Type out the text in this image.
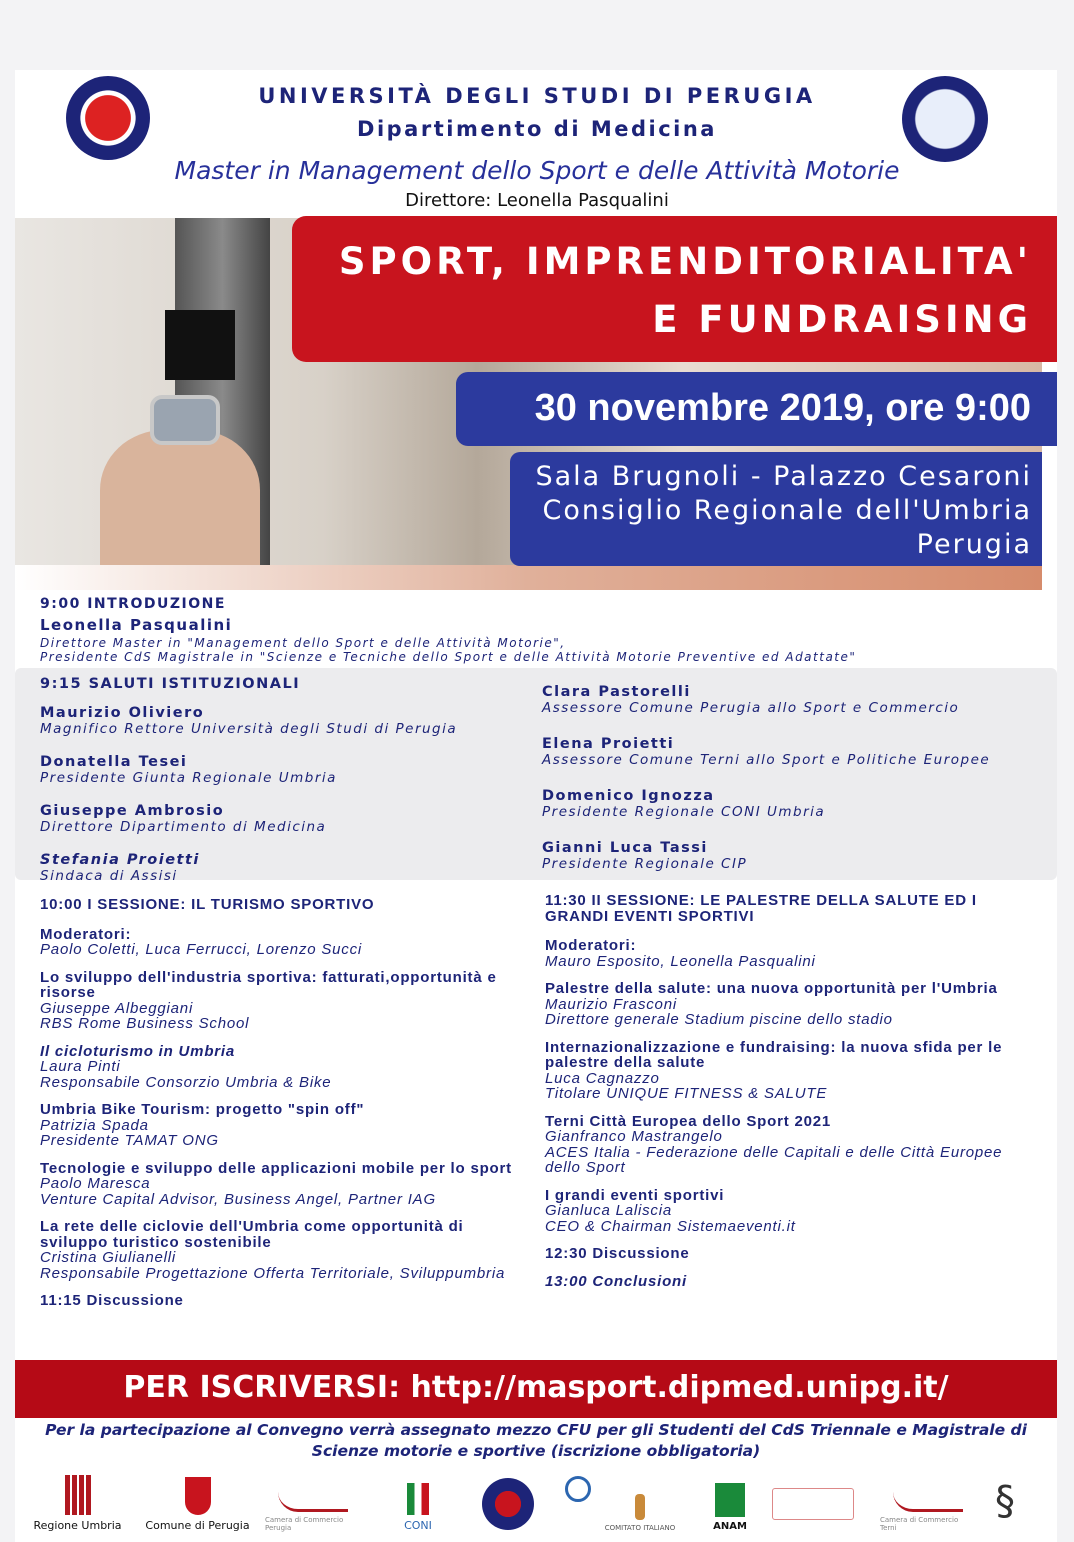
UNIVERSITÀ DEGLI STUDI DI PERUGIA
Dipartimento di Medicina
Master in Management dello Sport e delle Attività Motorie
Direttore: Leonella Pasqualini
SPORT, IMPRENDITORIALITA'
E FUNDRAISING
30 novembre 2019, ore 9:00
Sala Brugnoli - Palazzo Cesaroni
Consiglio Regionale dell'Umbria
Perugia
9:00 INTRODUZIONE
Leonella Pasqualini
Direttore Master in "Management dello Sport e delle Attività Motorie",
Presidente CdS Magistrale in "Scienze e Tecniche dello Sport e delle Attività Motorie Preventive ed Adattate"
9:15 SALUTI ISTITUZIONALI
Maurizio Oliviero
Magnifico Rettore Università degli Studi di Perugia
Donatella Tesei
Presidente Giunta Regionale Umbria
Giuseppe Ambrosio
Direttore Dipartimento di Medicina
Stefania Proietti
Sindaca di Assisi
Clara Pastorelli
Assessore Comune Perugia allo Sport e Commercio
Elena Proietti
Assessore Comune Terni allo Sport e Politiche Europee
Domenico Ignozza
Presidente Regionale CONI Umbria
Gianni Luca Tassi
Presidente Regionale CIP
10:00 I SESSIONE: IL TURISMO SPORTIVO
Moderatori:
Paolo Coletti, Luca Ferrucci, Lorenzo Succi
Lo sviluppo dell'industria sportiva: fatturati,opportunità e risorse
Giuseppe Albeggiani
RBS Rome Business School
Il cicloturismo in Umbria
Laura Pinti
Responsabile Consorzio Umbria & Bike
Umbria Bike Tourism: progetto "spin off"
Patrizia Spada
Presidente TAMAT ONG
Tecnologie e sviluppo delle applicazioni mobile per lo sport
Paolo Maresca
Venture Capital Advisor, Business Angel, Partner IAG
La rete delle ciclovie dell'Umbria come opportunità di sviluppo turistico sostenibile
Cristina Giulianelli
Responsabile Progettazione Offerta Territoriale, Sviluppumbria
11:15 Discussione
11:30 II SESSIONE: LE PALESTRE DELLA SALUTE ED I GRANDI EVENTI SPORTIVI
Moderatori:
Mauro Esposito, Leonella Pasqualini
Palestre della salute: una nuova opportunità per l'Umbria
Maurizio Frasconi
Direttore generale Stadium piscine dello stadio
Internazionalizzazione e fundraising: la nuova sfida per le palestre della salute
Luca Cagnazzo
Titolare UNIQUE FITNESS & SALUTE
Terni Città Europea dello Sport 2021
Gianfranco Mastrangelo
ACES Italia - Federazione delle Capitali e delle Città Europee dello Sport
I grandi eventi sportivi
Gianluca Laliscia
CEO & Chairman Sistemaeventi.it
12:30 Discussione
13:00 Conclusioni
PER ISCRIVERSI: http://masport.dipmed.unipg.it/
Per la partecipazione al Convegno verrà assegnato mezzo CFU per gli Studenti del CdS Triennale e Magistrale di Scienze motorie e sportive (iscrizione obbligatoria)
Regione Umbria Comune di Perugia Camera di Commercio Perugia	CONI	COMITATO ITALIANO	ANAM
Camera di Commercio Terni
§
